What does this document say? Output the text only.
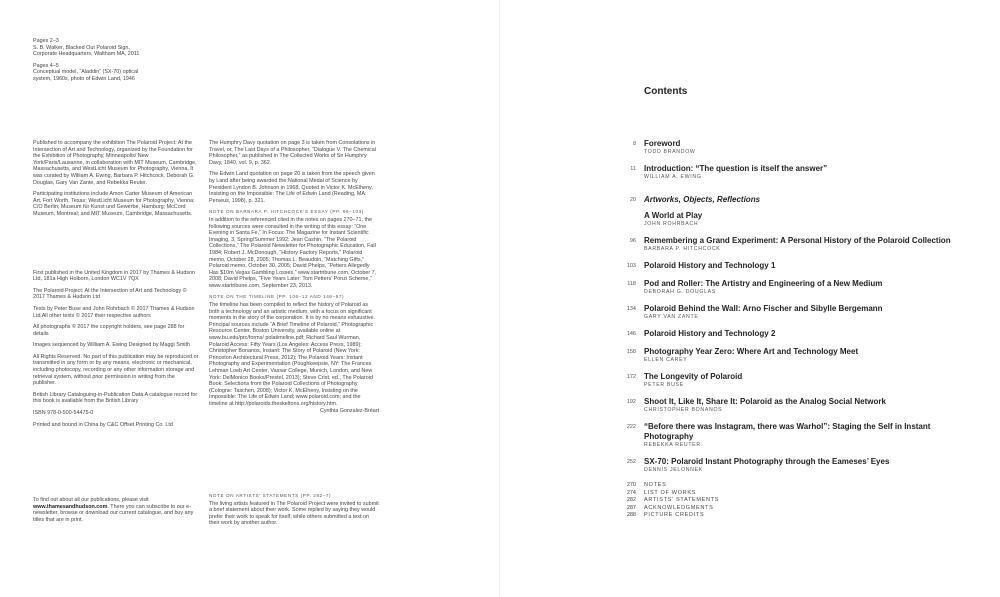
Pages 2–3
S. B. Walker, Blacked Out Polaroid Sign,
Corporate Headquarters, Waltham MA, 2011

Pages 4–5
Conceptual model, “Aladdin” (SX-70) optical
system, 1960s, photo of Edwin Land, 1946

Published to accompany the exhibition The Polaroid Project: At the Intersection of Art and Technology, organized by the Foundation for the Exhibition of Photography, Minneapolis/ New York/Paris/Lausanne, in collaboration with MIT Museum, Cambridge, Massachusetts, and WestLicht Museum for Photography, Vienna. It was curated by William A. Ewing, Barbara P. Hitchcock, Deborah G. Douglas, Gary Van Zante, and Rebekka Reuter.

Participating institutions include Amon Carter Museum of American Art, Fort Worth, Texas; WestLicht Museum for Photography, Vienna; C/O Berlin; Museum für Kunst und Gewerbe, Hamburg; McCord Museum, Montreal; and MIT Museum, Cambridge, Massachusetts.

First published in the United Kingdom in 2017 by Thames & Hudson Ltd, 181a High Holborn, London WC1V 7QX

The Polaroid Project: At the Intersection of Art and Technology © 2017 Thames & Hudson Ltd

Texts by Peter Buse and John Rohrbach © 2017 Thames & Hudson Ltd All other texts © 2017 their respective authors

All photographs © 2017 the copyright holders, see page 288 for details

Images sequenced by William A. Ewing Designed by Maggi Smith

All Rights Reserved. No part of this publication may be reproduced or transmitted in any form or by any means, electronic or mechanical, including photocopy, recording or any other information storage and retrieval system, without prior permission in writing from the publisher.

British Library Cataloguing-in-Publication Data A catalogue record for this book is available from the British Library

ISBN 978-0-500-54475-0

Printed and bound in China by C&C Offset Printing Co. Ltd

To find out about all our publications, please visit www.thamesandhudson.com. There you can subscribe to our e-newsletter, browse or download our current catalogue, and buy any titles that are in print.

The Humphry Davy quotation on page 3 is taken from Consolations in Travel, or, The Last Days of a Philosopher, “Dialogue V. The Chemical Philosopher,” as published in The Collected Works of Sir Humphry Davy, 1840, vol. 9, p. 362.

The Edwin Land quotation on page 20 is taken from the speech given by Land after being awarded the National Medal of Science by President Lyndon B. Johnson in 1968. Quoted in Victor K. McElheny, Insisting on the Impossible: The Life of Edwin Land (Reading, MA: Perseus, 1998), p. 321.

NOTE ON BARBARA P. HITCHCOCK’S ESSAY (PP. 96–103)

In addition to the referenced cited in the notes on pages 270–71, the following sources were consulted in the writing of this essay: “One Evening in Santa Fe,” In Focus: The Magazine for Instant Scientific Imaging, 3, Spring/Summer 1992; Jean Cashin, “The Polaroid Collections,” The Polaroid Newsletter for Photographic Education, Fall 1984; Robert J. McDonough, “History Factory Reports,” Polaroid memo, October 28, 2005; Thomas L. Beaudoin, “Matching Gifts,” Polaroid memo, October 30, 2005; David Phelps, “Petters Allegedly Has $10m Vegas Gambling Losses,” www.startribune.com, October 7, 2008; David Phelps, “Five Years Later: Tom Petters’ Ponzi Scheme,” www.startribune.com, September 23, 2013.

NOTE ON THE TIMELINE (PP. 106–12 AND 146–57)

The timeline has been compiled to reflect the history of Polaroid as both a technology and an artistic medium, with a focus on significant moments in the story of the corporation. It is by no means exhaustive. Principal sources include “A Brief Timeline of Polaroid,” Photographic Resource Center, Boston University, available online at www.bu.edu/prc/forms/ polatimeline.pdf; Richard Saul Wurman, Polaroid Access: Fifty Years (Los Angeles: Access Press, 1989); Christopher Bonanos, Instant: The Story of Polaroid (New York: Princeton Architectural Press, 2012); The Polaroid Years: Instant Photography and Experimentation (Poughkeepsie, NY: The Frances Lehman Loeb Art Center, Vassar College, Munich, London, and New York: DelMonico Books/Prestel, 2013); Steve Crist, ed., The Polaroid Book: Selections from the Polaroid Collections of Photography (Cologne: Taschen, 2008); Victor K. McElheny, Insisting on the Impossible: The Life of Edwin Land; www.polaroid.com; and the timeline at http://polaroids.theskeltons.org/history.htm.

Cynthia Gonzalez-Bréart

NOTE ON ARTISTS’ STATEMENTS (PP. 282–7)

The living artists featured in The Polaroid Project were invited to submit a brief statement about their work. Some replied by saying they would prefer their work to speak for itself, while others submitted a text on their work by another author.

Contents
8 Foreword
TODD BRANDOW
11 Introduction: “The question is itself the answer”
WILLIAM A. EWING
20 Artworks, Objects, Reflections
A World at Play
JOHN ROHRBACH
96 Remembering a Grand Experiment: A Personal History of the Polaroid Collection
BARBARA P. HITCHCOCK
103 Polaroid History and Technology 1
118 Pod and Roller: The Artistry and Engineering of a New Medium
DEBORAH G. DOUGLAS
134 Polaroid Behind the Wall: Arno Fischer and Sibylle Bergemann
GARY VAN ZANTE
146 Polaroid History and Technology 2
158 Photography Year Zero: Where Art and Technology Meet
ELLEN CAREY
172 The Longevity of Polaroid
PETER BUSE
192 Shoot It, Like It, Share It: Polaroid as the Analog Social Network
CHRISTOPHER BONANOS
222 “Before there was Instagram, there was Warhol”: Staging the Self in Instant Photography
REBEKKA REUTER
252 SX-70: Polaroid Instant Photography through the Eameses’ Eyes
DENNIS JELONNEK
270 NOTES
274 LIST OF WORKS
282 ARTISTS’ STATEMENTS
287 ACKNOWLEDGMENTS
288 PICTURE CREDITS
